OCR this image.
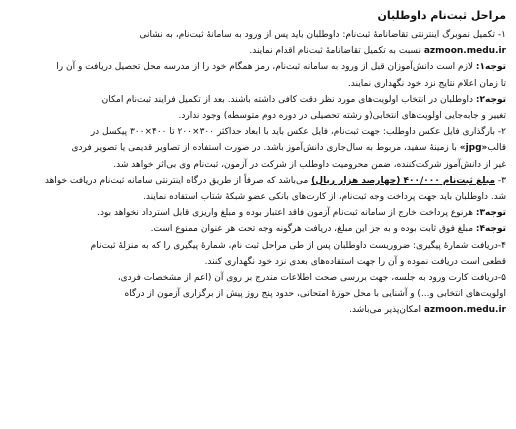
مراحل ثبت‌نام داوطلبان
۱- تکمیل نموبرگ اینترنتی تقاضانامهٔ ثبت‌نام: داوطلبان باید پس از ورود به سامانهٔ ثبت‌نام، به نشانی
azmoon.medu.ir نسبت به تکمیل تقاضانامهٔ ثبت‌نام اقدام نمایند.
توجه۱: لازم است دانش‌آموزان قبل از ورود به سامانه ثبت‌نام، رمز همگام خود را از مدرسه محل تحصیل دریافت و آن را
تا زمان اعلام نتایج نزد خود نگهداری نمایند.
توجه۲: داوطلبان در انتخاب اولویت‌های مورد نظر دقت کافی داشته باشند. بعد از تکمیل فرایند ثبت‌نام امکان
تغییر و جابه‌جایی اولویت‌های انتخابی(و رشته تحصیلی در دوره دوم متوسطه) وجود ندارد.
۲- بارگذاری فایل عکس داوطلب: جهت ثبت‌نام، فایل عکس باید با ابعاد حداکثر ۳۰۰×۲۰۰ تا ۴۰۰×۳۰۰ پیکسل در
قالب«jpg» با زمینهٔ سفید، مربوط به سال‌جاری دانش‌آموز باشد. در صورت استفاده از تصاویر قدیمی یا تصویر فردی
غیر از دانش‌آموز شرکت‌کننده، ضمن محرومیت داوطلب از شرکت در آزمون، ثبت‌نام وی بی‌اثر خواهد شد.
۳- مبلغ ثبت‌نام ۴۰۰/۰۰۰ (چهارصد هزار ریال) می‌باشد که صرفاً از طریق درگاه اینترنتی سامانه ثبت‌نام دریافت خواهد
شد. داوطلبان باید جهت پرداخت وجه ثبت‌نام، از کارت‌های بانکی عضو شبکهٔ شتاب استفاده نمایند.
توجه۳: هرنوع پرداخت خارج از سامانه ثبت‌نام آزمون فاقد اعتبار بوده و مبلغ واریزی قابل استرداد نخواهد بود.
توجه۴: مبلغ فوق ثابت بوده و به جز این مبلغ، دریافت هرگونه وجه تحت هر عنوان ممنوع است.
۴-دریافت شمارهٔ پیگیری: ضروریست داوطلبان پس از طی مراحل ثبت نام، شمارهٔ پیگیری را که به منزلهٔ ثبت‌نام
قطعی است دریافت نموده و آن را جهت استفاده‌های بعدی نزد خود نگهداری کنند.
۵-دریافت کارت ورود به جلسه، جهت بررسی صحت اطلاعات مندرج بر روی آن (اعم از مشخصات فردی،
اولویت‌های انتخابی و...) و آشنایی با محل حوزهٔ امتحانی، حدود پنج روز پیش از برگزاری آزمون از درگاه
azmoon.medu.ir امکان‌پذیر می‌باشد.
